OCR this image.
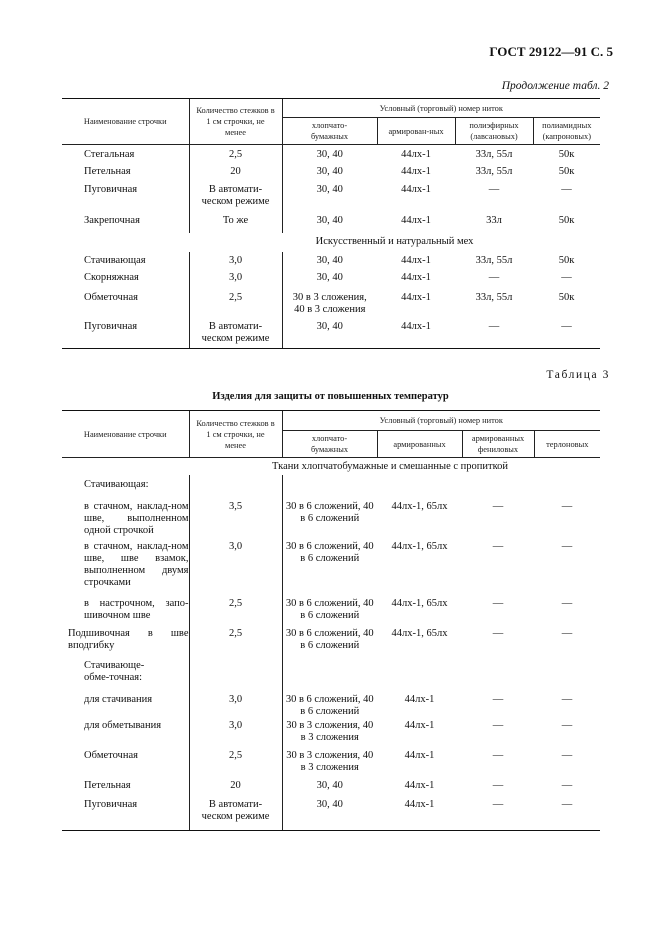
ГОСТ 29122—91 С. 5
Продолжение табл. 2
Наименование строчки	Количество стежков в 1 см строчки, не менее	Условный (торговый) номер ниток			
		хлопчато-бумажных	армирован-ных	полиэфирных (лавсановых)	полиамидных (капроновых)
Стегальная	2,5	30, 40	44лх-1	33л, 55л	50к
Петельная	20	30, 40	44лх-1	33л, 55л	50к
Пуговичная	В автомати-ческом режиме	30, 40	44лх-1	—	—
Закрепочная	То же	30, 40	44лх-1	33л	50к
	Искусственный и натуральный мех				
Стачивающая	3,0	30, 40	44лх-1	33л, 55л	50к
Скорняжная	3,0	30, 40	44лх-1	—	—
Обметочная	2,5	30 в 3 сложения, 40 в 3 сложения	44лх-1	33л, 55л	50к
Пуговичная	В автомати-ческом режиме	30, 40	44лх-1	—	—
Таблица 3
Изделия для защиты от повышенных температур
Наименование строчки	Количество стежков в 1 см строчки, не менее	Условный (торговый) номер ниток			
		хлопчато-бумажных	армированных	армированных фениловых	терлоновых
Ткани хлопчатобумажные и смешанные с пропиткой					
Стачивающая:					
в стачном, наклад-ном шве, выполненном одной строчкой	3,5	30 в 6 сложений, 40 в 6 сложений	44лх-1, 65лх	—	—
в стачном, наклад-ном шве, шве взамок, выполненном двумя строчками	3,0	30 в 6 сложений, 40 в 6 сложений	44лх-1, 65лх	—	—
в настрочном, запо-шивочном шве	2,5	30 в 6 сложений, 40 в 6 сложений	44лх-1, 65лх	—	—
Подшивочная в шве вподгибку	2,5	30 в 6 сложений, 40 в 6 сложений	44лх-1, 65лх	—	—
Стачивающе-обме-точная:					
для стачивания	3,0	30 в 6 сложений, 40 в 6 сложений	44лх-1	—	—
для обметывания	3,0	30 в 3 сложения, 40 в 3 сложения	44лх-1	—	—
Обметочная	2,5	30 в 3 сложения, 40 в 3 сложения	44лх-1	—	—
Петельная	20	30, 40	44лх-1	—	—
Пуговичная	В автомати-ческом режиме	30, 40	44лх-1	—	—
